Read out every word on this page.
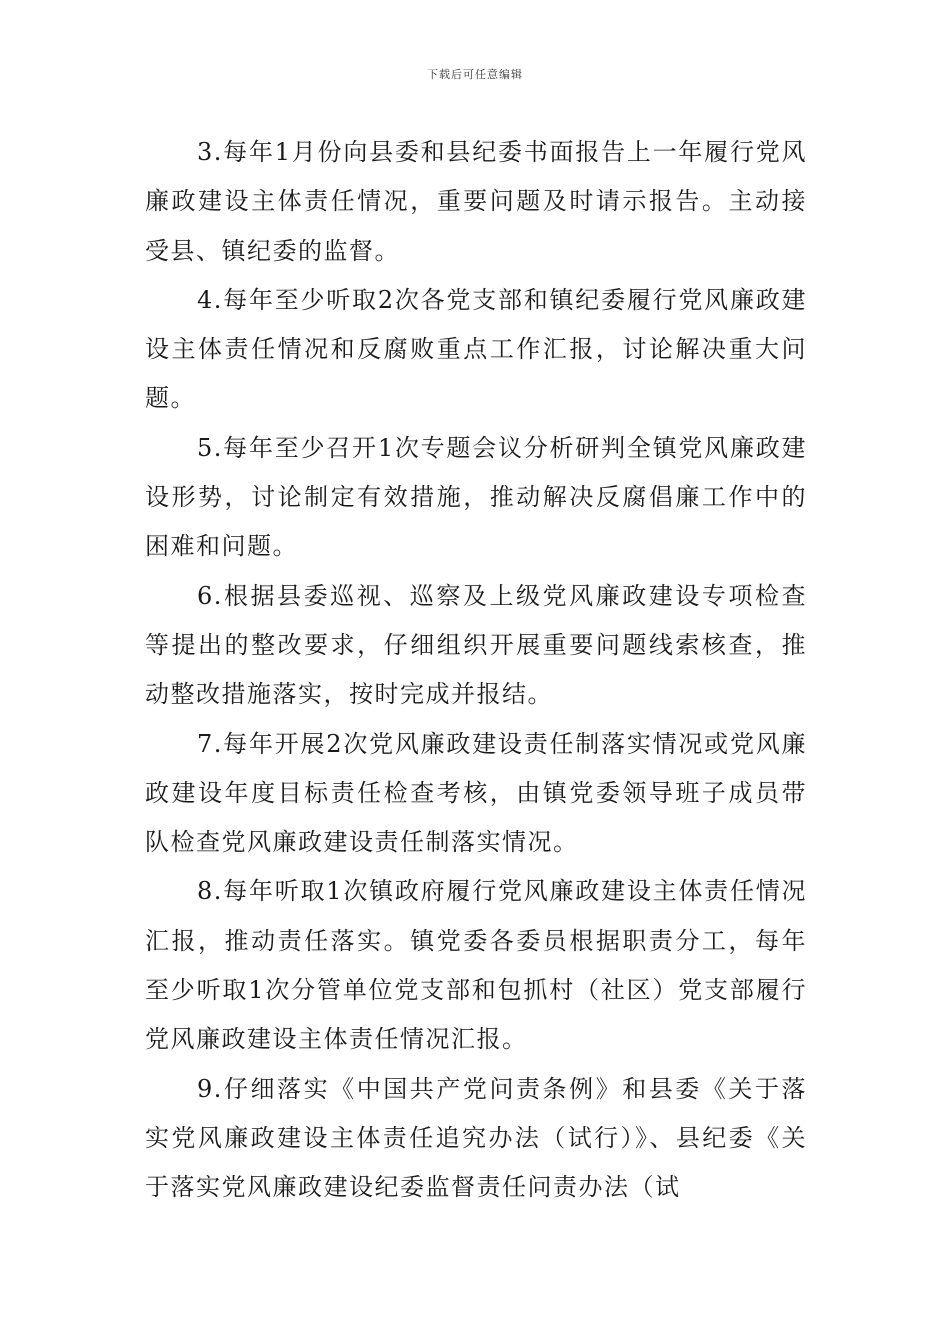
下载后可任意编辑

3.每年1月份向县委和县纪委书面报告上一年履行党风廉政建设主体责任情况，重要问题及时请示报告。主动接受县、镇纪委的监督。

4.每年至少听取2次各党支部和镇纪委履行党风廉政建设主体责任情况和反腐败重点工作汇报，讨论解决重大问题。

5.每年至少召开1次专题会议分析研判全镇党风廉政建设形势，讨论制定有效措施，推动解决反腐倡廉工作中的困难和问题。

6.根据县委巡视、巡察及上级党风廉政建设专项检查等提出的整改要求，仔细组织开展重要问题线索核查，推动整改措施落实，按时完成并报结。

7.每年开展2次党风廉政建设责任制落实情况或党风廉政建设年度目标责任检查考核，由镇党委领导班子成员带队检查党风廉政建设责任制落实情况。

8.每年听取1次镇政府履行党风廉政建设主体责任情况汇报，推动责任落实。镇党委各委员根据职责分工，每年至少听取1次分管单位党支部和包抓村（社区）党支部履行党风廉政建设主体责任情况汇报。

9.仔细落实《中国共产党问责条例》和县委《关于落实党风廉政建设主体责任追究办法（试行）》、县纪委《关于落实党风廉政建设纪委监督责任问责办法（试
